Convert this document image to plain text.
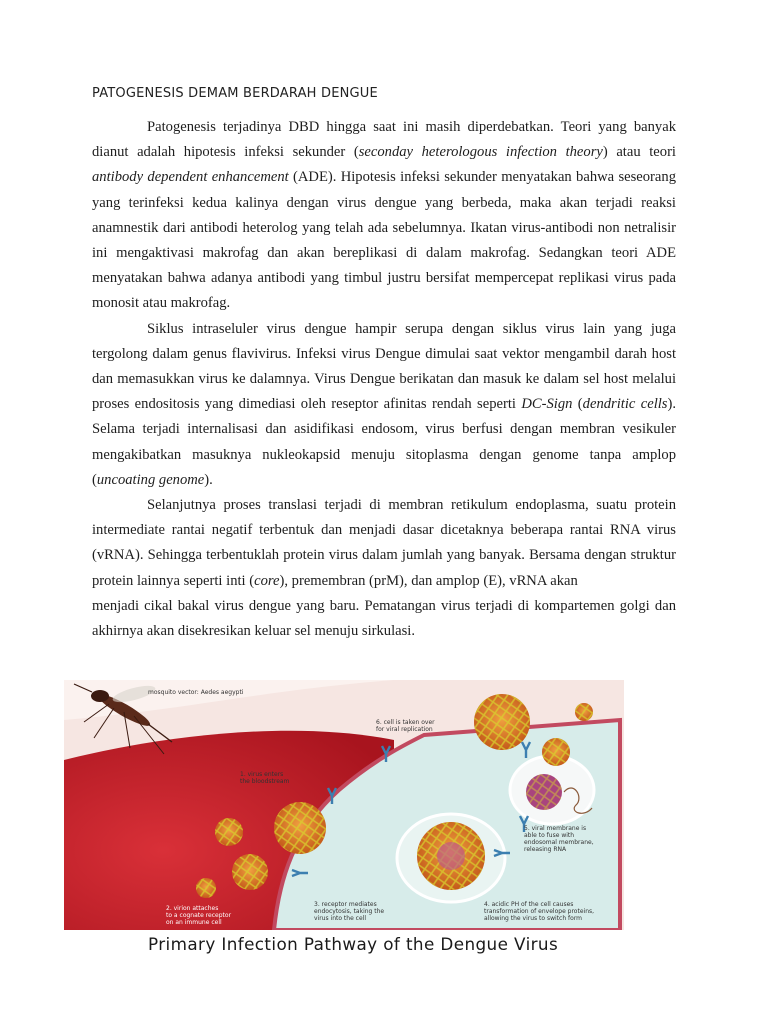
PATOGENESIS DEMAM BERDARAH DENGUE

Patogenesis terjadinya DBD hingga saat ini masih diperdebatkan. Teori yang banyak dianut adalah hipotesis infeksi sekunder (seconday heterologous infection theory) atau teori antibody dependent enhancement (ADE). Hipotesis infeksi sekunder menyatakan bahwa seseorang yang terinfeksi kedua kalinya dengan virus dengue yang berbeda, maka akan terjadi reaksi anamnestik dari antibodi heterolog yang telah ada sebelumnya. Ikatan virus-antibodi non netralisir ini mengaktivasi makrofag dan akan bereplikasi di dalam makrofag. Sedangkan teori ADE menyatakan bahwa adanya antibodi yang timbul justru bersifat mempercepat replikasi virus pada monosit atau makrofag.

Siklus intraseluler virus dengue hampir serupa dengan siklus virus lain yang juga tergolong dalam genus flavivirus. Infeksi virus Dengue dimulai saat vektor mengambil darah host dan memasukkan virus ke dalamnya. Virus Dengue berikatan dan masuk ke dalam sel host melalui proses endositosis yang dimediasi oleh reseptor afinitas rendah seperti DC-Sign (dendritic cells). Selama terjadi internalisasi dan asidifikasi endosom, virus berfusi dengan membran vesikuler mengakibatkan masuknya nukleokapsid menuju sitoplasma dengan genome tanpa amplop (uncoating genome).

Selanjutnya proses translasi terjadi di membran retikulum endoplasma, suatu protein intermediate rantai negatif terbentuk dan menjadi dasar dicetaknya beberapa rantai RNA virus (vRNA). Sehingga terbentuklah protein virus dalam jumlah yang banyak. Bersama dengan struktur protein lainnya seperti inti (core), premembran (prM), dan amplop (E), vRNA akan

menjadi cikal bakal virus dengue yang baru. Pematangan virus terjadi di kompartemen golgi dan akhirnya akan disekresikan keluar sel menuju sirkulasi.

mosquito vector: Aedes aegypti
1. virus enters
the bloodstream
2. virion attaches
to a cognate receptor
on an immune cell
3. receptor mediates
endocytosis, taking the
virus into the cell
4. acidic PH of the cell causes
transformation of envelope proteins,
allowing the virus to switch form
5. viral membrane is
able to fuse with
endosomal membrane,
releasing RNA
6. cell is taken over
for viral replication
Primary Infection Pathway of the Dengue Virus
